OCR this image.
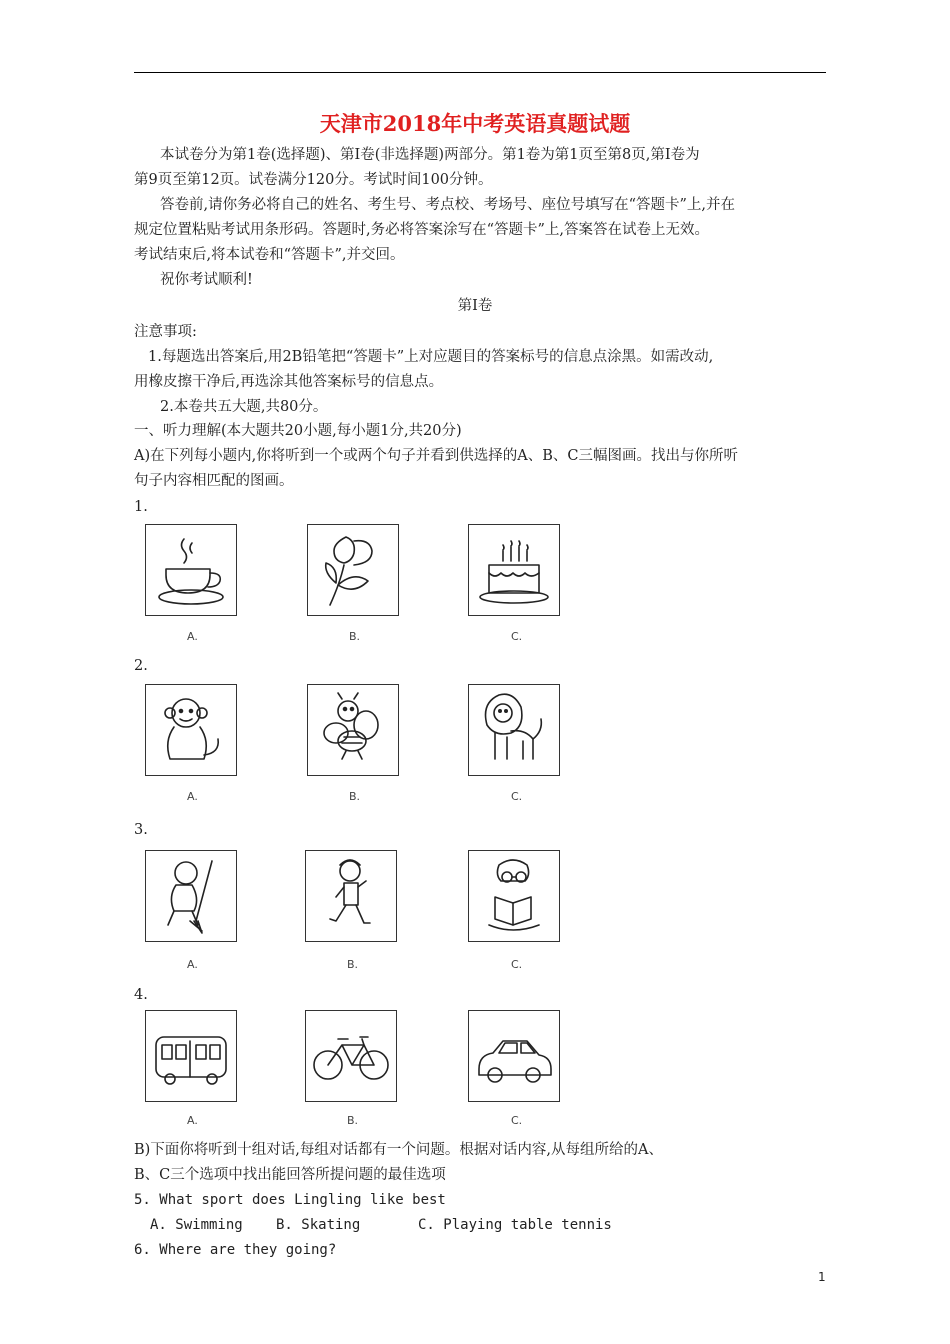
天津市2018年中考英语真题试题
本试卷分为第1卷(选择题)、第Ⅰ卷(非选择题)两部分。第1卷为第1页至第8页,第Ⅰ卷为
第9页至第12页。试卷满分120分。考试时间100分钟。
答卷前,请你务必将自己的姓名、考生号、考点校、考场号、座位号填写在“答题卡”上,并在
规定位置粘贴考试用条形码。答题时,务必将答案涂写在“答题卡”上,答案答在试卷上无效。
考试结束后,将本试卷和“答题卡”,并交回。
祝你考试顺利!
第Ⅰ卷
注意事项:
1.每题选出答案后,用2B铅笔把“答题卡”上对应题目的答案标号的信息点涂黑。如需改动,
用橡皮擦干净后,再选涂其他答案标号的信息点。
2.本卷共五大题,共80分。
一、听力理解(本大题共20小题,每小题1分,共20分)
A)在下列每小题内,你将听到一个或两个句子并看到供选择的A、B、C三幅图画。找出与你所听
句子内容相匹配的图画。
1.
A.	B.	C.
2.
A.	B.	C.
3.
A.	B.	C.
4.
A.	B.	C.
B)下面你将听到十组对话,每组对话都有一个问题。根据对话内容,从每组所给的A、
B、C三个选项中找出能回答所提问题的最佳选项
5. What sport does Lingling like best
A. Swimming B. Skating	C. Playing table tennis
6. Where are they going?
1
